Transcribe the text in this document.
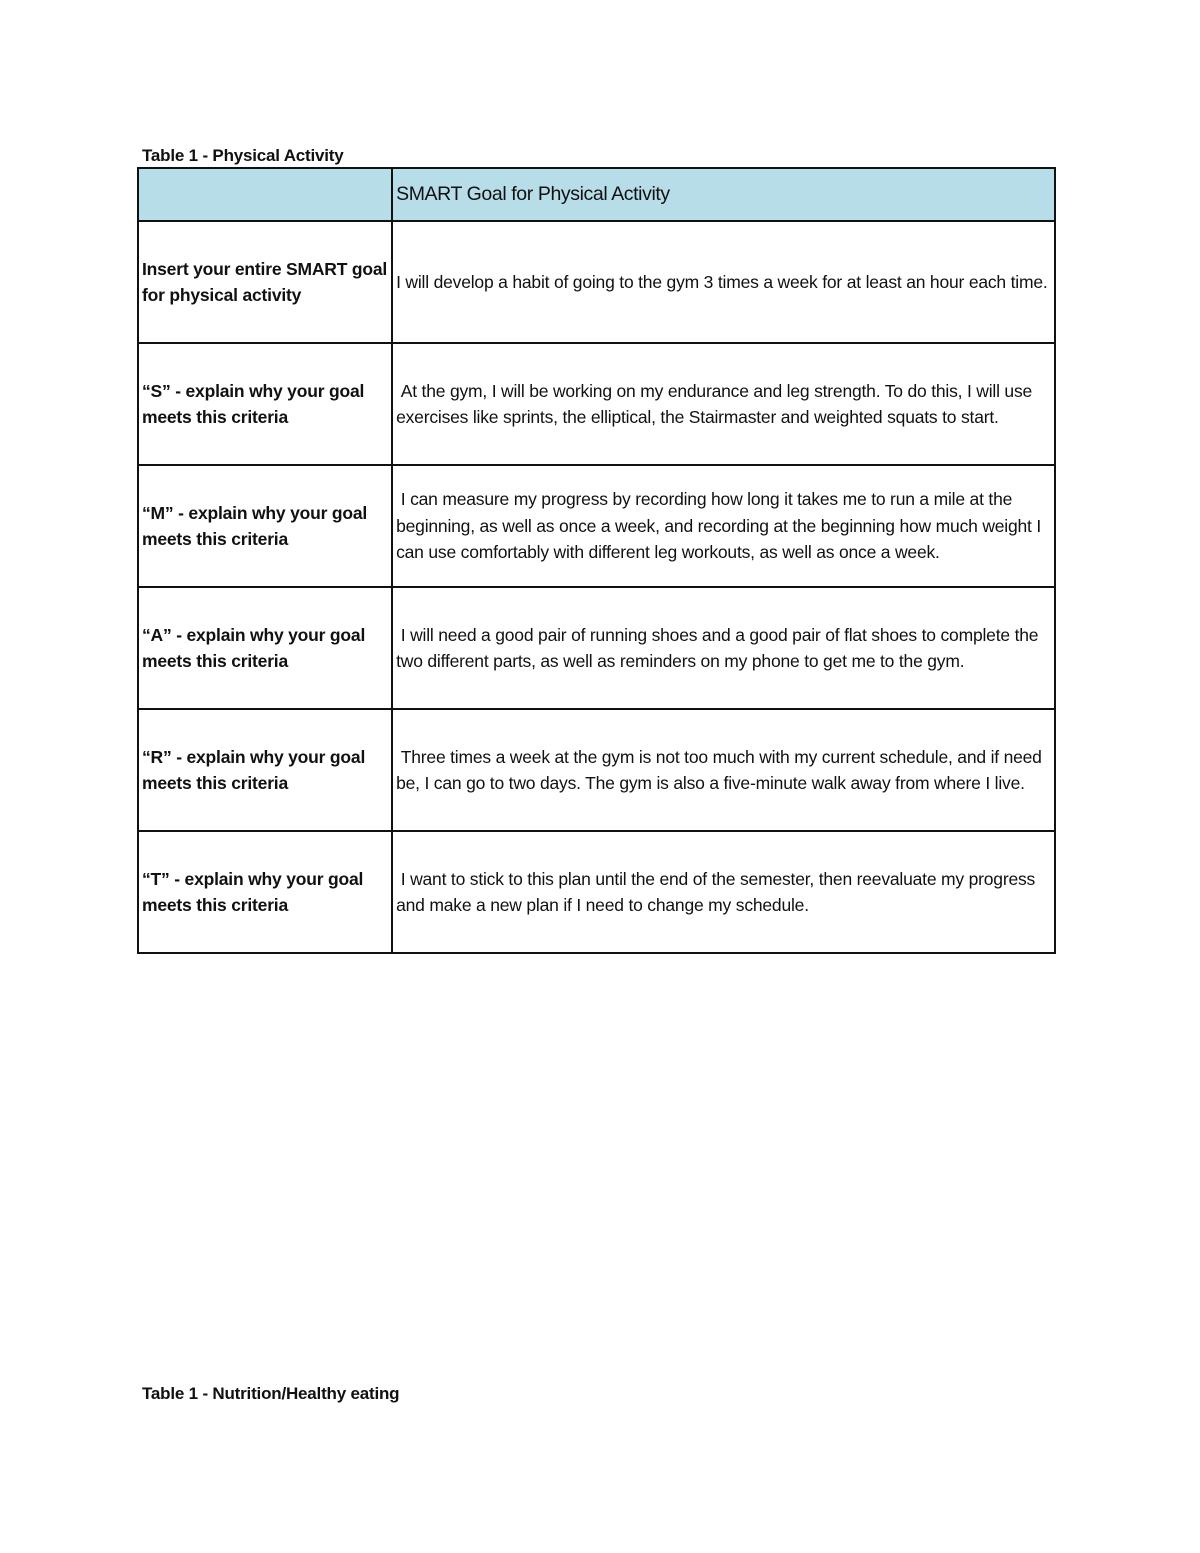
Table 1 - Physical Activity
	SMART Goal for Physical Activity
Insert your entire SMART goal for physical activity	I will develop a habit of going to the gym 3 times a week for at least an hour each time.
“S” - explain why your goal meets this criteria	At the gym, I will be working on my endurance and leg strength. To do this, I will use exercises like sprints, the elliptical, the Stairmaster and weighted squats to start.
“M” - explain why your goal meets this criteria	I can measure my progress by recording how long it takes me to run a mile at the beginning, as well as once a week, and recording at the beginning how much weight I can use comfortably with different leg workouts, as well as once a week.
“A” - explain why your goal meets this criteria	I will need a good pair of running shoes and a good pair of flat shoes to complete the two different parts, as well as reminders on my phone to get me to the gym.
“R” - explain why your goal meets this criteria	Three times a week at the gym is not too much with my current schedule, and if need be, I can go to two days. The gym is also a five-minute walk away from where I live.
“T” - explain why your goal meets this criteria	I want to stick to this plan until the end of the semester, then reevaluate my progress and make a new plan if I need to change my schedule.
Table 1 - Nutrition/Healthy eating
